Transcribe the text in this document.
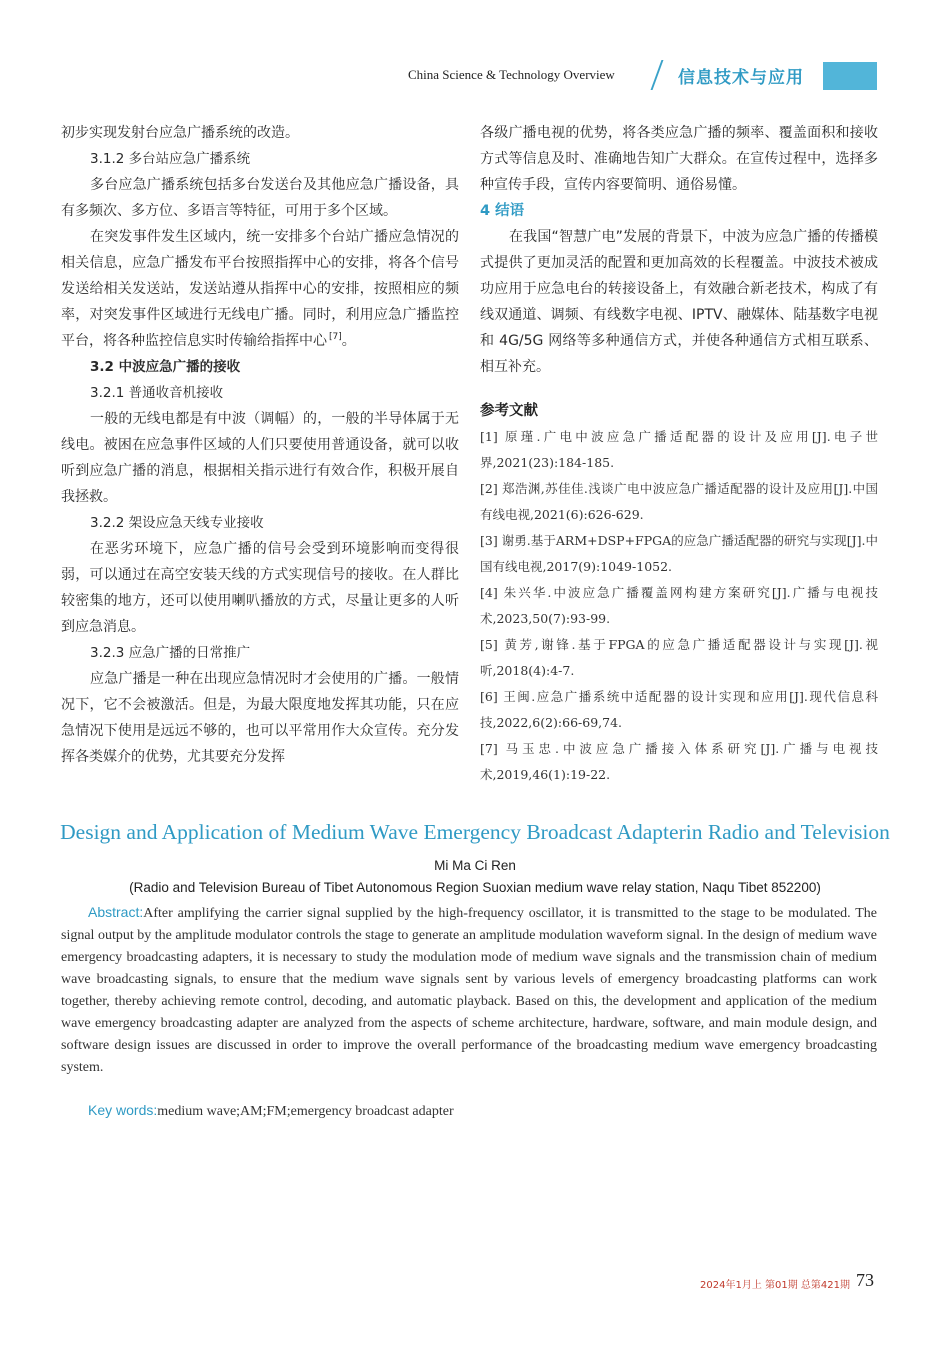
China Science & Technology Overview	信息技术与应用

初步实现发射台应急广播系统的改造。

3.1.2 多台站应急广播系统

多台应急广播系统包括多台发送台及其他应急广播设备，具有多频次、多方位、多语言等特征，可用于多个区域。

在突发事件发生区域内，统一安排多个台站广播应急情况的相关信息，应急广播发布平台按照指挥中心的安排，将各个信号发送给相关发送站，发送站遵从指挥中心的安排，按照相应的频率，对突发事件区域进行无线电广播。同时，利用应急广播监控平台，将各种监控信息实时传输给指挥中心 [7]。

3.2 中波应急广播的接收

3.2.1 普通收音机接收

一般的无线电都是有中波（调幅）的，一般的半导体属于无线电。被困在应急事件区域的人们只要使用普通设备，就可以收听到应急广播的消息，根据相关指示进行有效合作，积极开展自我拯救。

3.2.2 架设应急天线专业接收

在恶劣环境下，应急广播的信号会受到环境影响而变得很弱，可以通过在高空安装天线的方式实现信号的接收。在人群比较密集的地方，还可以使用喇叭播放的方式，尽量让更多的人听到应急消息。

3.2.3 应急广播的日常推广

应急广播是一种在出现应急情况时才会使用的广播。一般情况下，它不会被激活。但是，为最大限度地发挥其功能，只在应急情况下使用是远远不够的，也可以平常用作大众宣传。充分发挥各类媒介的优势，尤其要充分发挥

各级广播电视的优势，将各类应急广播的频率、覆盖面积和接收方式等信息及时、准确地告知广大群众。在宣传过程中，选择多种宣传手段，宣传内容要简明、通俗易懂。

4 结语

在我国“智慧广电”发展的背景下，中波为应急广播的传播模式提供了更加灵活的配置和更加高效的长程覆盖。中波技术被成功应用于应急电台的转接设备上，有效融合新老技术，构成了有线双通道、调频、有线数字电视、IPTV、融媒体、陆基数字电视和 4G/5G 网络等多种通信方式，并使各种通信方式相互联系、相互补充。

参考文献

[1] 原瑾.广电中波应急广播适配器的设计及应用[J].电子世界,2021(23):184-185.

[2] 郑浩渊,苏佳佳.浅谈广电中波应急广播适配器的设计及应用[J].中国有线电视,2021(6):626-629.

[3] 谢勇.基于ARM+DSP+FPGA的应急广播适配器的研究与实现[J].中国有线电视,2017(9):1049-1052.

[4] 朱兴华.中波应急广播覆盖网构建方案研究[J].广播与电视技术,2023,50(7):93-99.

[5] 黄芳,谢锋.基于FPGA的应急广播适配器设计与实现[J].视听,2018(4):4-7.

[6] 王闽.应急广播系统中适配器的设计实现和应用[J].现代信息科技,2022,6(2):66-69,74.

[7] 马玉忠.中波应急广播接入体系研究[J].广播与电视技术,2019,46(1):19-22.

Design and Application of Medium Wave Emergency Broadcast Adapterin Radio and Television
Mi Ma Ci Ren
(Radio and Television Bureau of Tibet Autonomous Region Suoxian medium wave relay station, Naqu Tibet 852200)

Abstract:After amplifying the carrier signal supplied by the high-frequency oscillator, it is transmitted to the stage to be modulated. The signal output by the amplitude modulator controls the stage to generate an amplitude modulation waveform signal. In the design of medium wave emergency broadcasting adapters, it is necessary to study the modulation mode of medium wave signals and the transmission chain of medium wave broadcasting signals, to ensure that the medium wave signals sent by various levels of emergency broadcasting platforms can work together, thereby achieving remote control, decoding, and automatic playback. Based on this, the development and application of the medium wave emergency broadcasting adapter are analyzed from the aspects of scheme architecture, hardware, software, and main module design, and software design issues are discussed in order to improve the overall performance of the broadcasting medium wave emergency broadcasting system.

Key words:medium wave;AM;FM;emergency broadcast adapter

2024年1月上 第01期 总第421期 73
